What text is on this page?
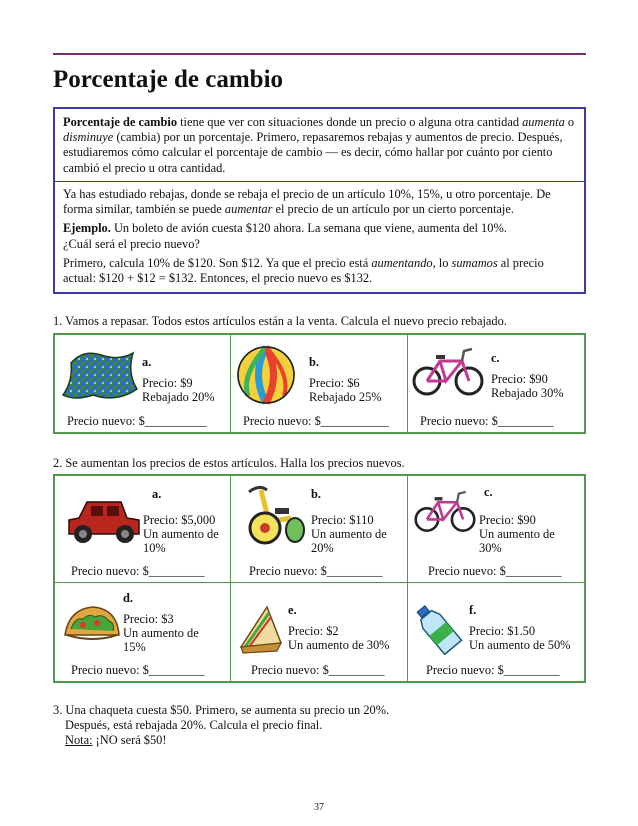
Porcentaje de cambio
Porcentaje de cambio tiene que ver con situaciones donde un precio o alguna otra cantidad aumenta o disminuye (cambia) por un porcentaje. Primero, repasaremos rebajas y aumentos de precio. Después, estudiaremos cómo calcular el porcentaje de cambio — es decir, cómo hallar por cuánto por ciento cambió el precio u otra cantidad.

Ya has estudiado rebajas, donde se rebaja el precio de un artículo 10%, 15%, u otro porcentaje. De forma similar, también se puede aumentar el precio de un artículo por un cierto porcentaje.

Ejemplo. Un boleto de avión cuesta $120 ahora. La semana que viene, aumenta del 10%.
¿Cuál será el precio nuevo?

Primero, calcula 10% de $120. Son $12. Ya que el precio está aumentando, lo sumamos al precio
actual: $120 + $12 = $132. Entonces, el precio nuevo es $132.

1. Vamos a repasar. Todos estos artículos están a la venta. Calcula el nuevo precio rebajado.
a.
Precio: $9
Rebajado 20%
Precio nuevo: $__________
b.
Precio: $6
Rebajado 25%
Precio nuevo: $___________
c.
Precio: $90
Rebajado 30%
Precio nuevo: $_________
2. Se aumentan los precios de estos artículos. Halla los precios nuevos.
a.
Precio: $5,000
Un aumento de
10%
Precio nuevo: $_________
b.
Precio: $110
Un aumento de
20%
Precio nuevo: $_________
c.
Precio: $90
Un aumento de
30%
Precio nuevo: $_________
d.
Precio: $3
Un aumento de
15%
Precio nuevo: $_________
e.
Precio: $2
Un aumento de 30%
Precio nuevo: $_________
f.
Precio: $1.50
Un aumento de 50%
Precio nuevo: $_________
3. Una chaqueta cuesta $50. Primero, se aumenta su precio un 20%.
Después, está rebajada 20%. Calcula el precio final.
Nota: ¡NO será $50!
37
